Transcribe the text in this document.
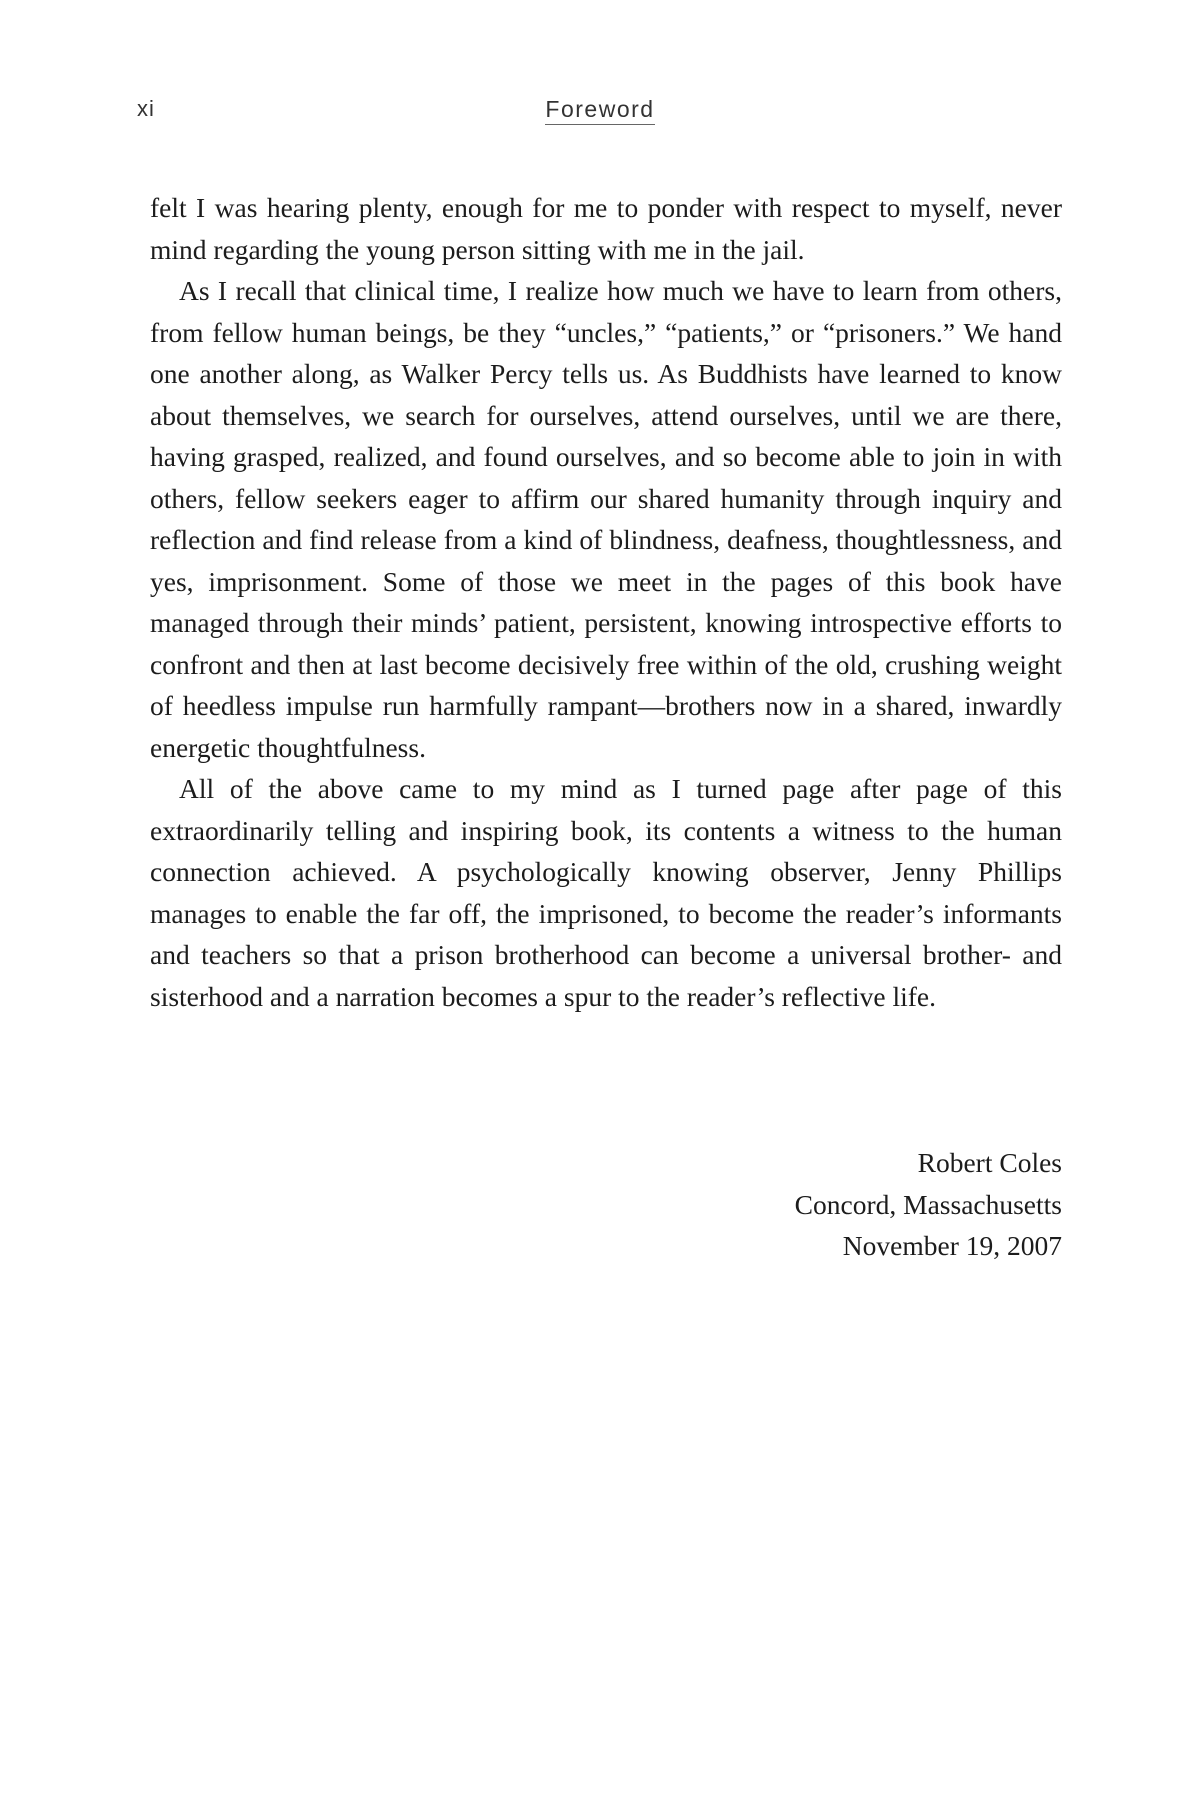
xi	Foreword

felt I was hearing plenty, enough for me to ponder with respect to myself, never mind regarding the young person sitting with me in the jail.

As I recall that clinical time, I realize how much we have to learn from others, from fellow human beings, be they “uncles,” “patients,” or “prisoners.” We hand one another along, as Walker Percy tells us. As Buddhists have learned to know about themselves, we search for ourselves, attend ourselves, until we are there, having grasped, realized, and found ourselves, and so become able to join in with others, fellow seekers eager to affirm our shared humanity through inquiry and reflection and find release from a kind of blindness, deafness, thoughtlessness, and yes, imprisonment. Some of those we meet in the pages of this book have managed through their minds’ patient, persistent, knowing introspective efforts to confront and then at last become decisively free within of the old, crushing weight of heedless impulse run harmfully rampant—brothers now in a shared, inwardly energetic thoughtfulness.

All of the above came to my mind as I turned page after page of this extraordinarily telling and inspiring book, its contents a witness to the human connection achieved. A psychologically knowing observer, Jenny Phillips manages to enable the far off, the imprisoned, to become the reader’s informants and teachers so that a prison brotherhood can become a universal brother- and sisterhood and a narration becomes a spur to the reader’s reflective life.

Robert Coles
Concord, Massachusetts
November 19, 2007
